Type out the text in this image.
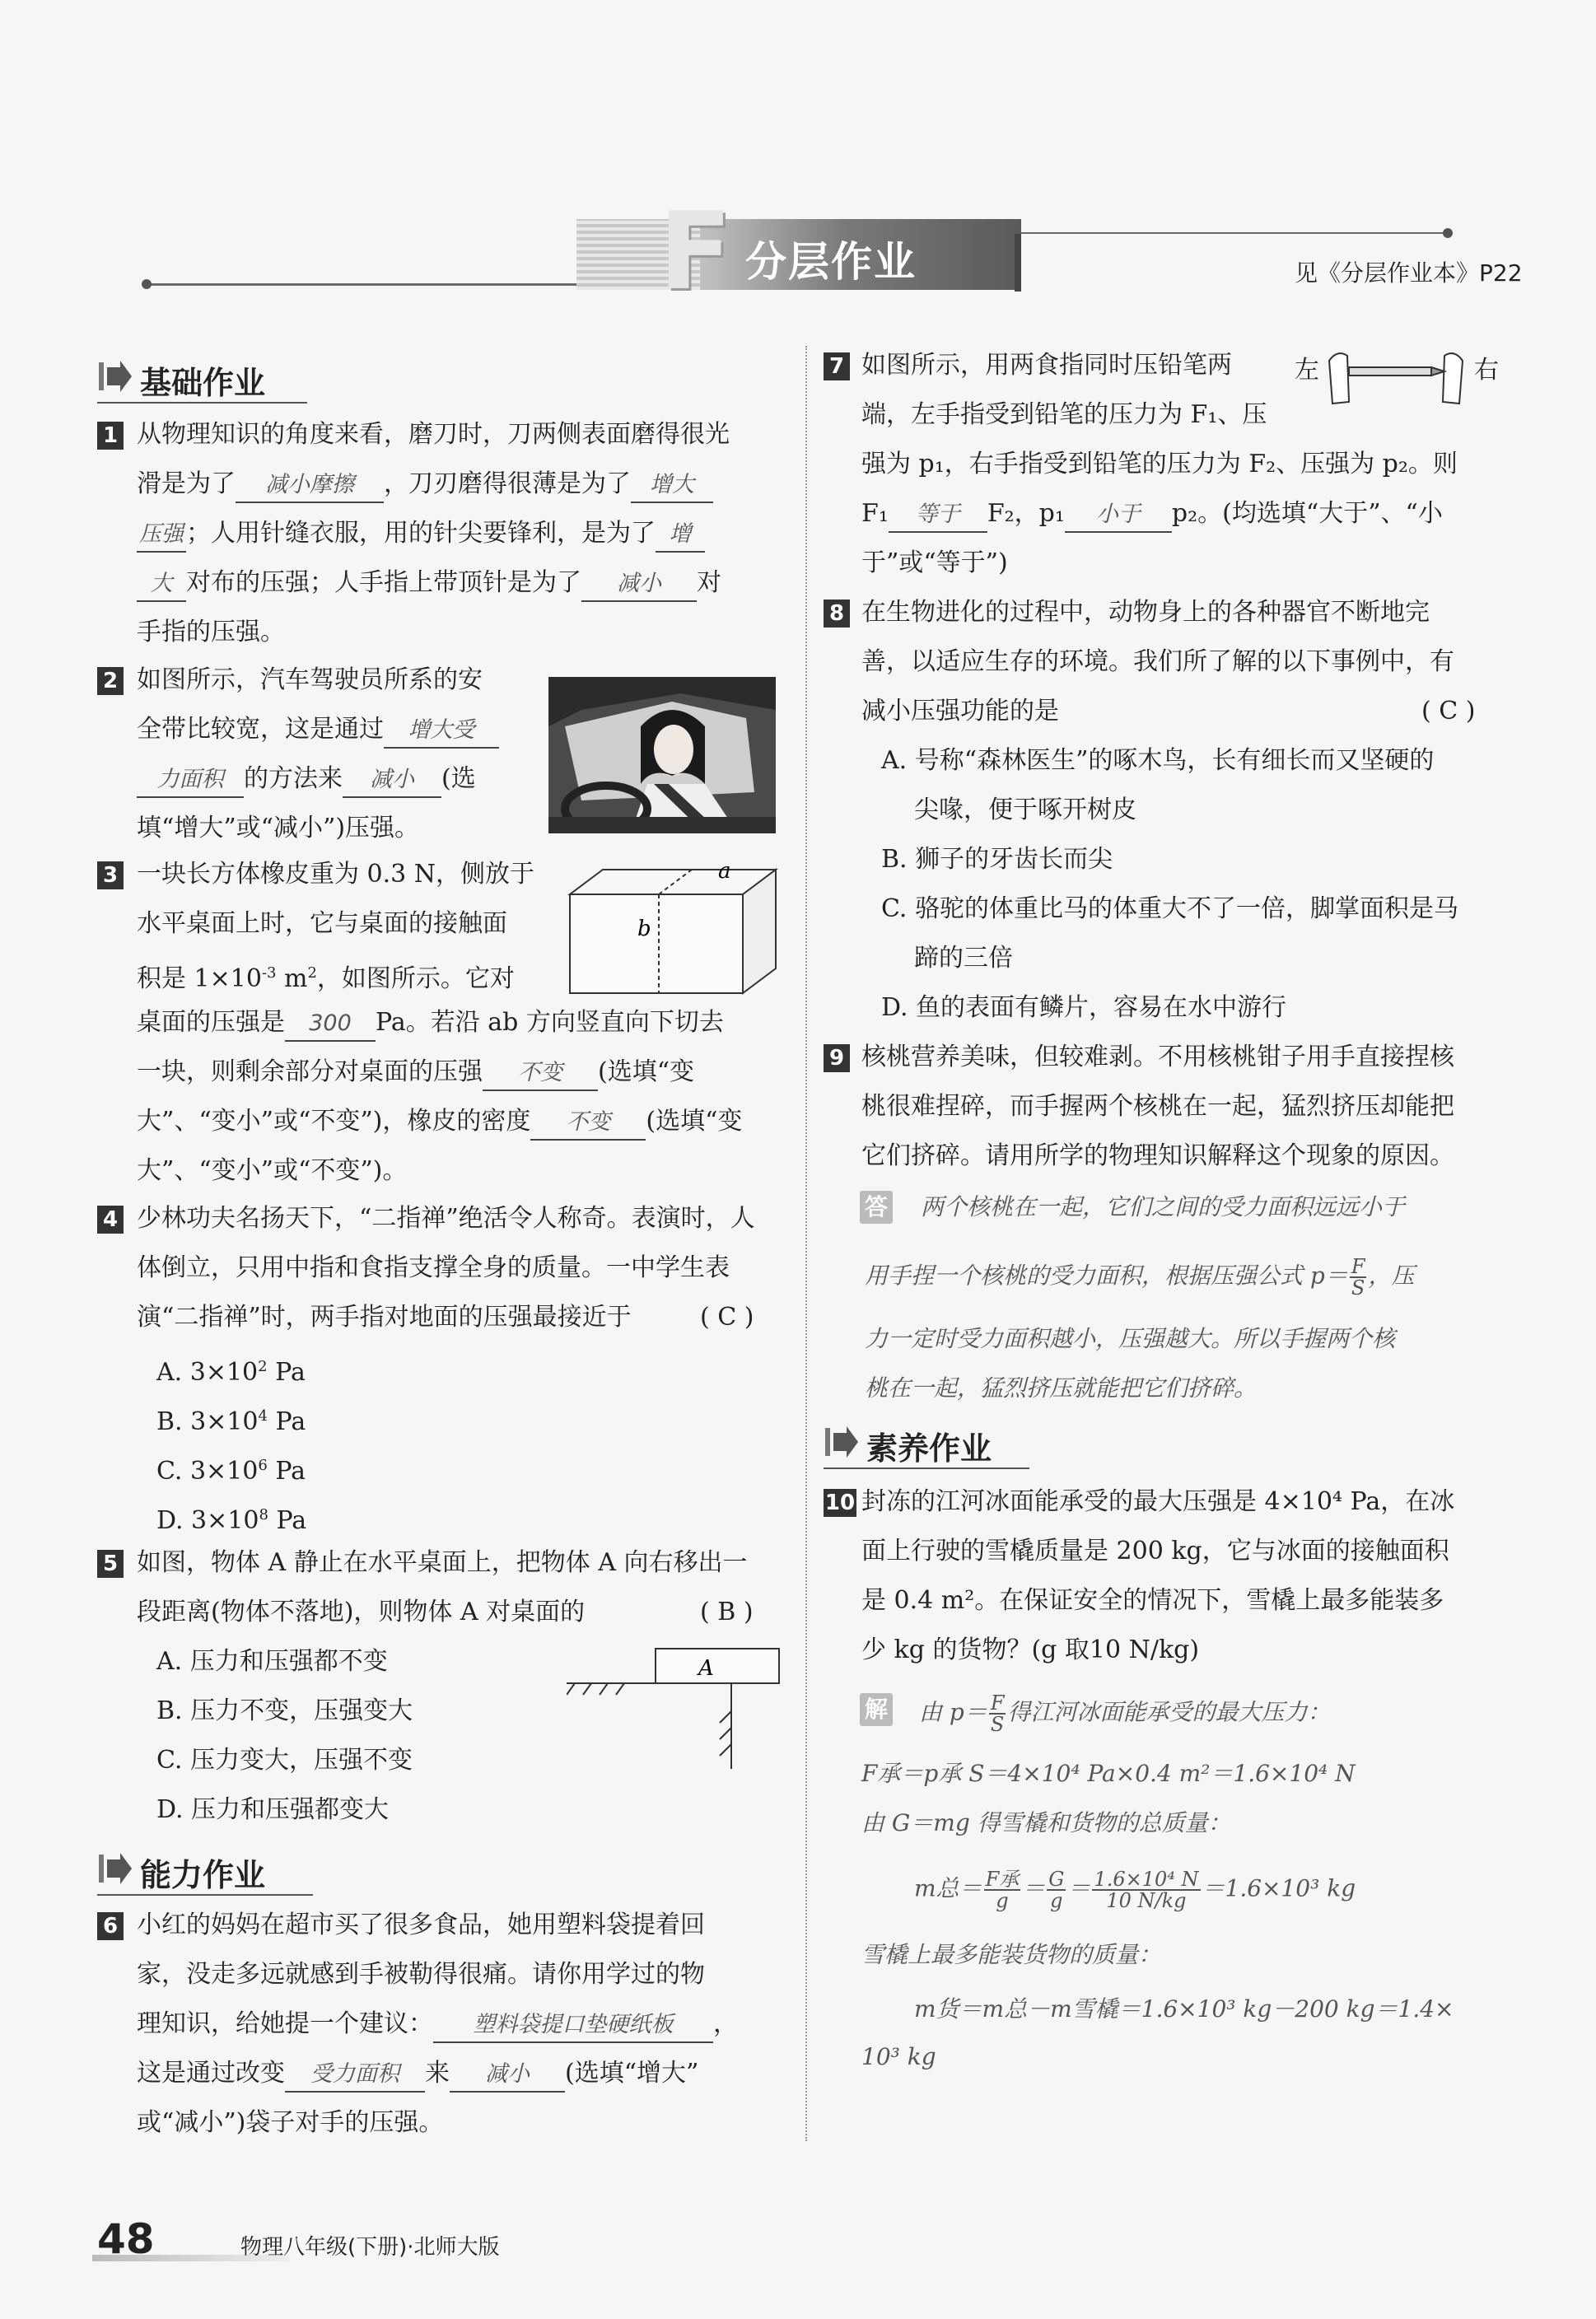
F 分层作业	见《分层作业本》P22
基础作业
1 从物理知识的角度来看，磨刀时，刀两侧表面磨得很光
滑是为了 减小摩擦 ，刀刃磨得很薄是为了 增大
压强 ；人用针缝衣服，用的针尖要锋利，是为了 增
大 对布的压强；人手指上带顶针是为了 减小 对
手指的压强。
2 如图所示，汽车驾驶员所系的安
全带比较宽，这是通过 增大受
力面积 的方法来 减小 (选
填“增大”或“减小”)压强。
3 一块长方体橡皮重为 0.3 N，侧放于
水平桌面上时，它与桌面的接触面
积是 $1\times 10^{-3}$ $m^2$，如图所示。它对
桌面的压强是 300 Pa。若沿 ab 方向竖直向下切去
一块，则剩余部分对桌面的压强 不变 (选填“变
大”、“变小”或“不变”)，橡皮的密度 不变 (选填“变
大”、“变小”或“不变”)。
a
b
4 少林功夫名扬天下，“二指禅”绝活令人称奇。表演时，人
体倒立，只用中指和食指支撑全身的质量。一中学生表
演“二指禅”时，两手指对地面的压强最接近于	( C )
A. $3\times 10^2$ Pa
B. $3\times 10^4$ Pa
C. $3\times 10^6$ Pa
D. $3\times 10^8$ Pa
5 如图，物体 A 静止在水平桌面上，把物体 A 向右移出一
段距离(物体不落地)，则物体 A 对桌面的	( B )
A. 压力和压强都不变
B. 压力不变，压强变大
C. 压力变大，压强不变
D. 压力和压强都变大
A
能力作业
6 小红的妈妈在超市买了很多食品，她用塑料袋提着回
家，没走多远就感到手被勒得很痛。请你用学过的物
理知识，给她提一个建议： 塑料袋提口垫硬纸板 ，
这是通过改变 受力面积 来 减小 (选填“增大”
或“减小”)袋子对手的压强。
7 如图所示，用两食指同时压铅笔两
端，左手指受到铅笔的压力为 F₁、压
强为 p₁，右手指受到铅笔的压力为 F₂、压强为 p₂。则
F₁ 等于 F₂，p₁ 小于 p₂。(均选填“大于”、“小
于”或“等于”)
左	右
8 在生物进化的过程中，动物身上的各种器官不断地完
善，以适应生存的环境。我们所了解的以下事例中，有
减小压强功能的是	( C )
A. 号称“森林医生”的啄木鸟，长有细长而又坚硬的
尖喙，便于啄开树皮
B. 狮子的牙齿长而尖
C. 骆驼的体重比马的体重大不了一倍，脚掌面积是马
蹄的三倍
D. 鱼的表面有鳞片，容易在水中游行
9 核桃营养美味，但较难剥。不用核桃钳子用手直接捏核
桃很难捏碎，而手握两个核桃在一起，猛烈挤压却能把
它们挤碎。请用所学的物理知识解释这个现象的原因。
答 两个核桃在一起，它们之间的受力面积远远小于
用手捏一个核桃的受力面积，根据压强公式 $p= \frac{F}{S}$ ，压
力一定时受力面积越小，压强越大。所以手握两个核
桃在一起，猛烈挤压就能把它们挤碎。
素养作业
10 封冻的江河冰面能承受的最大压强是 4×10⁴ Pa，在冰
面上行驶的雪橇质量是 200 kg，它与冰面的接触面积
是 0.4 m²。在保证安全的情况下，雪橇上最多能装多
少 kg 的货物？(g 取10 N/kg)
解 由 $p= \frac{F}{S}$ 得江河冰面能承受的最大压力：
F承＝p承 S＝4×10⁴ Pa×0.4 m²＝1.6×10⁴ N
由 G＝mg 得雪橇和货物的总质量：
m总＝ $\frac{\text{F承}}{g} = \frac{G}{g} = \frac{\text{1.6×10⁴ N}}{10 N/kg} =1.6\times 10^3$ kg
雪橇上最多能装货物的质量：
m货＝m总－m雪橇＝1.6×10³ kg－200 kg＝1.4×
10³ kg
48	物理八年级(下册)·北师大版
